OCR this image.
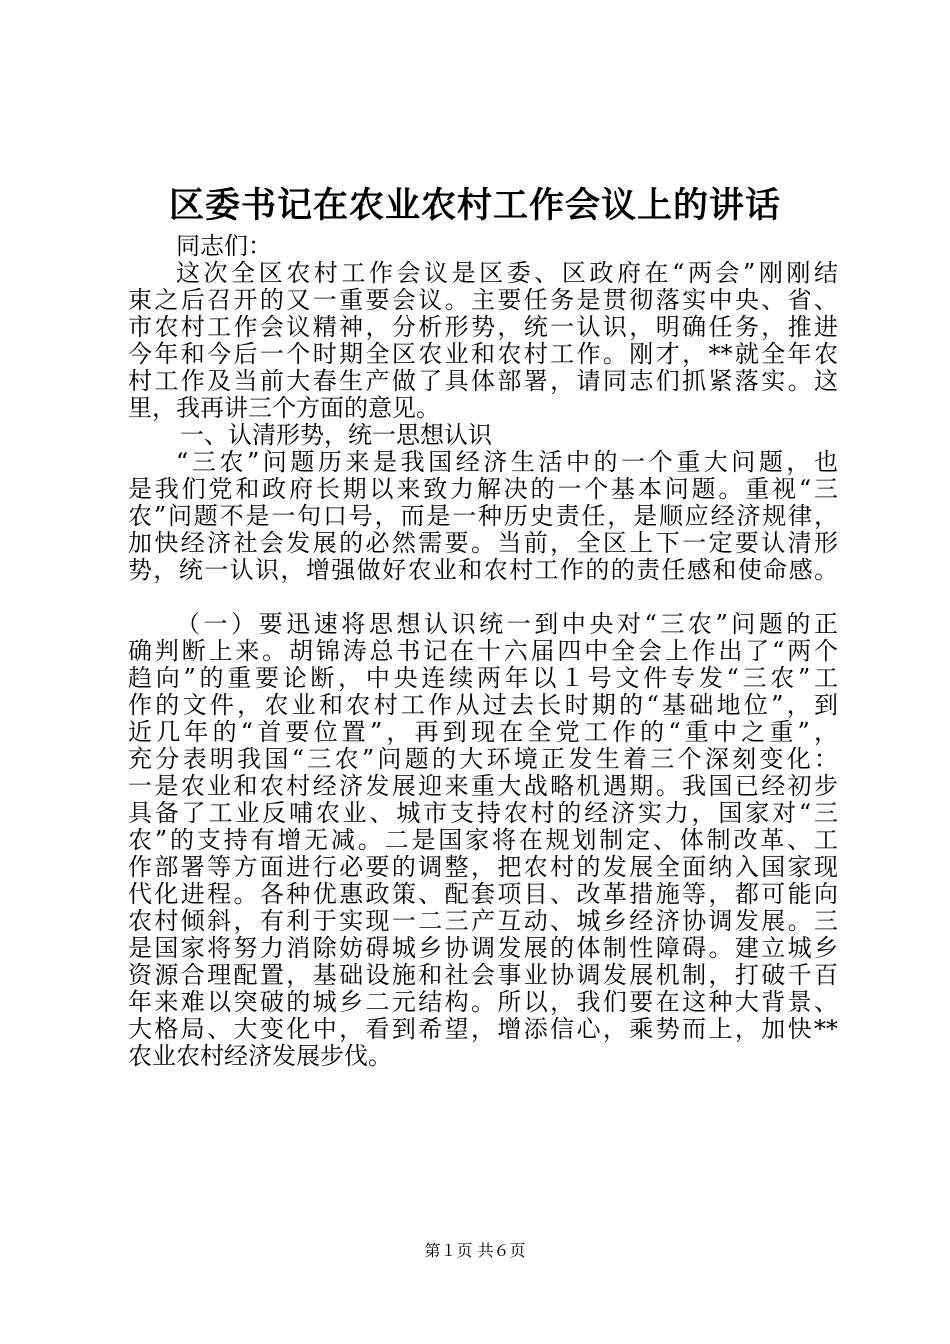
区委书记在农业农村工作会议上的讲话
同志们：
这次全区农村工作会议是区委、区政府在“两会”刚刚结
束之后召开的又一重要会议。主要任务是贯彻落实中央、省、
市农村工作会议精神，分析形势，统一认识，明确任务，推进
今年和今后一个时期全区农业和农村工作。刚才，**就全年农
村工作及当前大春生产做了具体部署，请同志们抓紧落实。这
里，我再讲三个方面的意见。
一、认清形势，统一思想认识
“三农”问题历来是我国经济生活中的一个重大问题，也
是我们党和政府长期以来致力解决的一个基本问题。重视“三
农”问题不是一句口号，而是一种历史责任，是顺应经济规律，
加快经济社会发展的必然需要。当前，全区上下一定要认清形
势，统一认识，增强做好农业和农村工作的的责任感和使命感。
（一）要迅速将思想认识统一到中央对“三农”问题的正
确判断上来。胡锦涛总书记在十六届四中全会上作出了“两个
趋向”的重要论断，中央连续两年以１号文件专发“三农”工
作的文件，农业和农村工作从过去长时期的“基础地位”，到
近几年的“首要位置”，再到现在全党工作的“重中之重”，
充分表明我国“三农”问题的大环境正发生着三个深刻变化：
一是农业和农村经济发展迎来重大战略机遇期。我国已经初步
具备了工业反哺农业、城市支持农村的经济实力，国家对“三
农”的支持有增无减。二是国家将在规划制定、体制改革、工
作部署等方面进行必要的调整，把农村的发展全面纳入国家现
代化进程。各种优惠政策、配套项目、改革措施等，都可能向
农村倾斜，有利于实现一二三产互动、城乡经济协调发展。三
是国家将努力消除妨碍城乡协调发展的体制性障碍。建立城乡
资源合理配置，基础设施和社会事业协调发展机制，打破千百
年来难以突破的城乡二元结构。所以，我们要在这种大背景、
大格局、大变化中，看到希望，增添信心，乘势而上，加快**
农业农村经济发展步伐。
第１页 共６页
